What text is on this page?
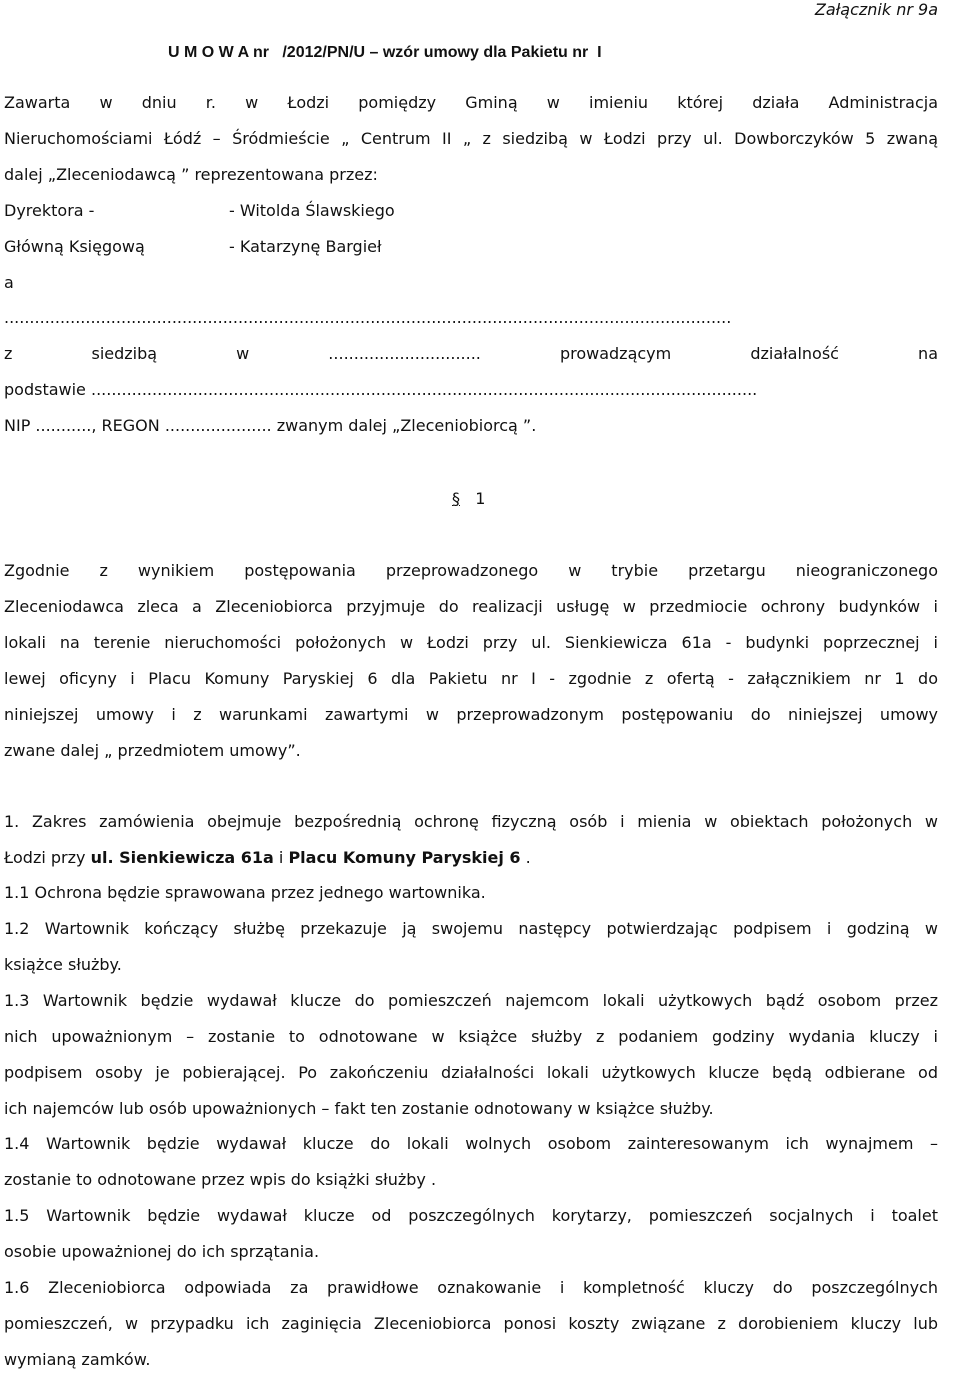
Załącznik nr 9a
U M O W A nr   /2012/PN/U – wzór umowy dla Pakietu nr  I
Zawarta w dniu r. w Łodzi pomiędzy Gminą w imieniu której działa Administracja
Nieruchomościami Łódź – Śródmieście „ Centrum II „ z siedzibą w Łodzi przy ul. Dowborczyków 5 zwaną
dalej „Zleceniodawcą ” reprezentowana przez:
Dyrektora -	- Witolda Ślawskiego
Główną Księgową	- Katarzynę Bargieł
a
...............................................................................................................................................
z siedzibą w .............................. prowadzącym działalność na
podstawie ...................................................................................................................................
NIP ..........., REGON ..................... zwanym dalej „Zleceniobiorcą ”.
§ 1
Zgodnie z wynikiem postępowania przeprowadzonego w trybie przetargu nieograniczonego
Zleceniodawca zleca a Zleceniobiorca przyjmuje do realizacji usługę w przedmiocie ochrony budynków i
lokali na terenie nieruchomości położonych w Łodzi przy ul. Sienkiewicza 61a - budynki poprzecznej i
lewej oficyny i Placu Komuny Paryskiej 6 dla Pakietu nr I - zgodnie z ofertą - załącznikiem nr 1 do
niniejszej umowy i z warunkami zawartymi w przeprowadzonym postępowaniu do niniejszej umowy
zwane dalej „ przedmiotem umowy”.
1. Zakres zamówienia obejmuje bezpośrednią ochronę fizyczną osób i mienia w obiektach położonych w
Łodzi przy ul. Sienkiewicza 61a i Placu Komuny Paryskiej 6 .
1.1 Ochrona będzie sprawowana przez jednego wartownika.
1.2 Wartownik kończący służbę przekazuje ją swojemu następcy potwierdzając podpisem i godziną w
książce służby.
1.3 Wartownik będzie wydawał klucze do pomieszczeń najemcom lokali użytkowych bądź osobom przez
nich upoważnionym – zostanie to odnotowane w książce służby z podaniem godziny wydania kluczy i
podpisem osoby je pobierającej. Po zakończeniu działalności lokali użytkowych klucze będą odbierane od
ich najemców lub osób upoważnionych – fakt ten zostanie odnotowany w książce służby.
1.4 Wartownik będzie wydawał klucze do lokali wolnych osobom zainteresowanym ich wynajmem –
zostanie to odnotowane przez wpis do książki służby .
1.5 Wartownik będzie wydawał klucze od poszczególnych korytarzy, pomieszczeń socjalnych i toalet
osobie upoważnionej do ich sprzątania.
1.6 Zleceniobiorca odpowiada za prawidłowe oznakowanie i kompletność kluczy do poszczególnych
pomieszczeń, w przypadku ich zaginięcia Zleceniobiorca ponosi koszty związane z dorobieniem kluczy lub
wymianą zamków.
